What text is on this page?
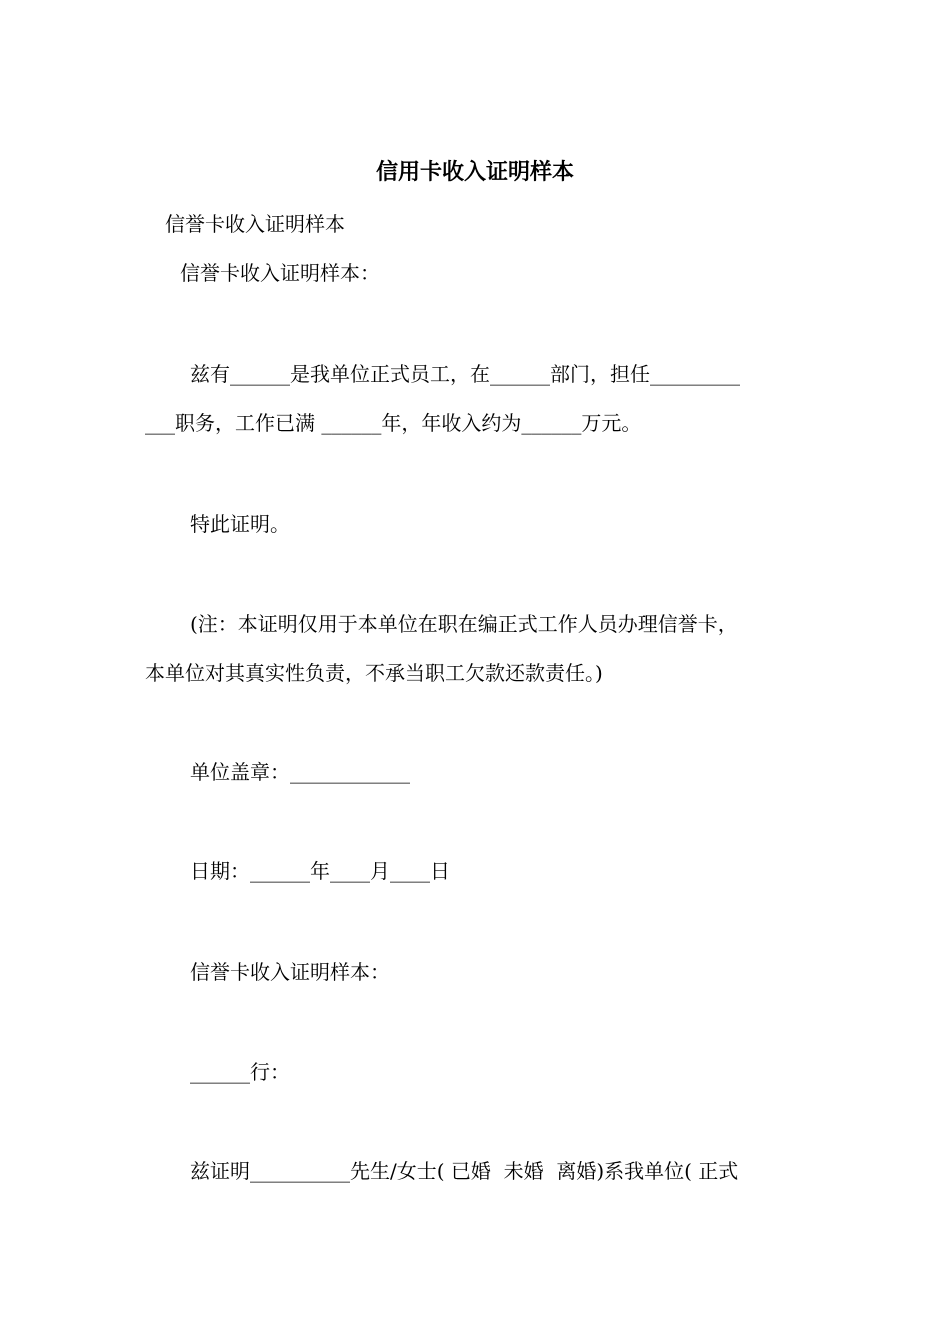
信用卡收入证明样本
信誉卡收入证明样本
信誉卡收入证明样本：
兹有______是我单位正式员工，在______部门，担任_________
___职务，工作已满 ______年，年收入约为______万元。
特此证明。
(注：本证明仅用于本单位在职在编正式工作人员办理信誉卡，
本单位对其真实性负责，不承当职工欠款还款责任。)
单位盖章：____________
日期：______年____月____日
信誉卡收入证明样本：
______行：
兹证明__________先生/女士( 已婚  未婚  离婚)系我单位( 正式
